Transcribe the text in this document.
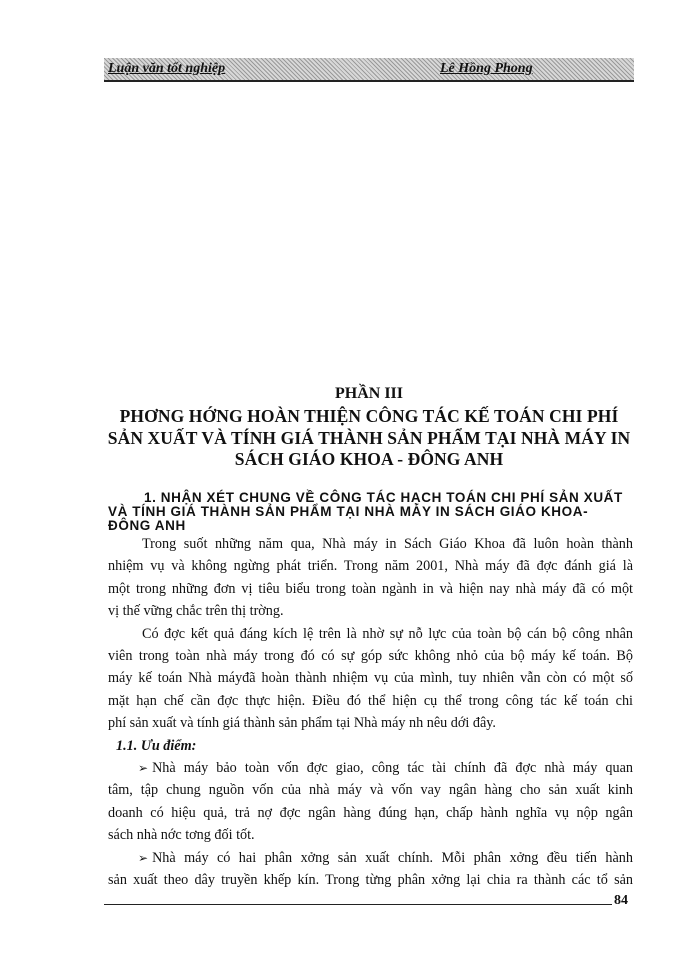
Luận văn tốt nghiệp	Lê Hồng Phong
PHẦN III
PHƠNG HỚNG HOÀN THIỆN CÔNG TÁC KẾ TOÁN CHI PHÍ
SẢN XUẤT VÀ TÍNH GIÁ THÀNH SẢN PHẨM TẠI NHÀ MÁY IN
SÁCH GIÁO KHOA - ĐÔNG ANH
1. NHẬN XÉT CHUNG VỀ CÔNG TÁC HẠCH TOÁN CHI PHÍ SẢN XUẤT
VÀ TÍNH GIÁ THÀNH SẢN PHẨM TẠI NHÀ MÁY IN SÁCH GIÁO KHOA-
ĐÔNG ANH

Trong suốt những năm qua, Nhà máy in Sách Giáo Khoa đã luôn hoàn thành
nhiệm vụ và không ngừng phát triển. Trong năm 2001, Nhà máy đã đợc đánh giá là
một trong những đơn vị tiêu biểu trong toàn ngành in và hiện nay nhà máy đã có một
vị thế vững chắc trên thị trờng.

Có đợc kết quả đáng kích lệ trên là nhờ sự nỗ lực của toàn bộ cán bộ công nhân
viên trong toàn nhà máy trong đó có sự góp sức không nhỏ của bộ máy kế toán. Bộ
máy kế toán Nhà máyđã hoàn thành nhiệm vụ của mình, tuy nhiên vẫn còn có một số
mặt hạn chế cần đợc thực hiện. Điều đó thể hiện cụ thể trong công tác kế toán chi
phí sản xuất và tính giá thành sản phẩm tại Nhà máy nh nêu dới đây.

1.1. Ưu điểm:

➢ Nhà máy bảo toàn vốn đợc giao, công tác tài chính đã đợc nhà máy quan
tâm, tập chung nguồn vốn của nhà máy và vốn vay ngân hàng cho sản xuất kinh
doanh có hiệu quả, trả nợ đợc ngân hàng đúng hạn, chấp hành nghĩa vụ nộp ngân
sách nhà nớc tơng đối tốt.

➢ Nhà máy có hai phân xởng sản xuất chính. Mỗi phân xởng đều tiến hành
sản xuất theo dây truyền khếp kín. Trong từng phân xởng lại chia ra thành các tổ sản

84
